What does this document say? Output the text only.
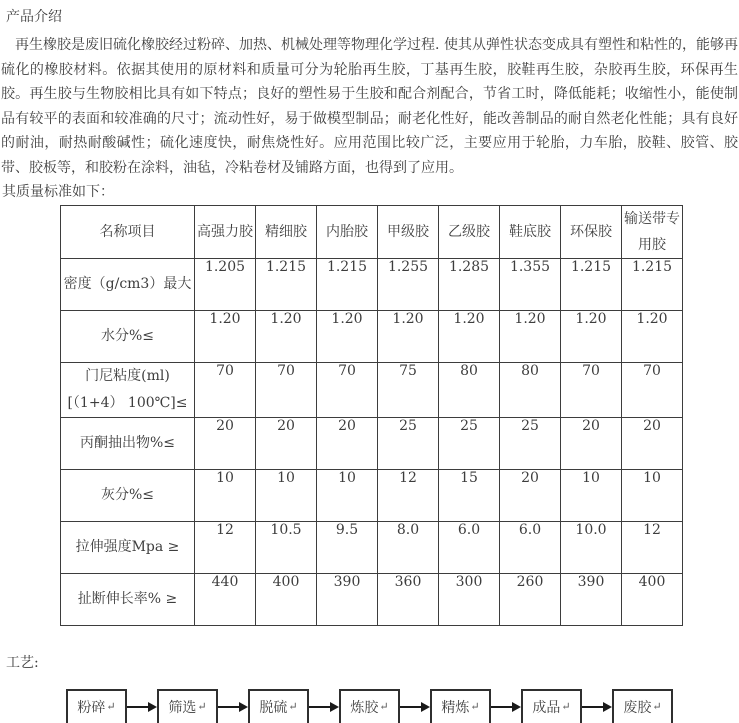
产品介绍

再生橡胶是废旧硫化橡胶经过粉碎、加热、机械处理等物理化学过程. 使其从弹性状态变成具有塑性和粘性的，能够再硫化的橡胶材料。依据其使用的原材料和质量可分为轮胎再生胶，丁基再生胶，胶鞋再生胶，杂胶再生胶，环保再生胶。再生胶与生物胶相比具有如下特点；良好的塑性易于生胶和配合剂配合，节省工时，降低能耗；收缩性小，能使制品有较平的表面和较准确的尺寸；流动性好，易于做模型制品；耐老化性好，能改善制品的耐自然老化性能；具有良好的耐油，耐热耐酸碱性；硫化速度快，耐焦烧性好。应用范围比较广泛，主要应用于轮胎，力车胎，胶鞋、胶管、胶带、胶板等，和胶粉在涂料，油毡，冷粘卷材及铺路方面，也得到了应用。

其质量标准如下：
名称项目	高强力胶	精细胶	内胎胶	甲级胶	乙级胶	鞋底胶	环保胶	输送带专用胶
密度（g/cm3）最大	1.205	1.215	1.215	1.255	1.285	1.355	1.215	1.215
水分%≤	1.20	1.20	1.20	1.20	1.20	1.20	1.20	1.20
门尼粘度(ml)[（1+4） 100℃]≤	70	70	70	75	80	80	70	70
丙酮抽出物%≤	20	20	20	25	25	25	20	20
灰分%≤	10	10	10	12	15	20	10	10
拉伸强度Mpa ≥	12	10.5	9.5	8.0	6.0	6.0	10.0	12
扯断伸长率% ≥	440	400	390	360	300	260	390	400
工艺:
粉碎 ↵	筛选 ↵	脱硫 ↵	炼胶 ↵	精炼 ↵	成品 ↵	废胶 ↵
